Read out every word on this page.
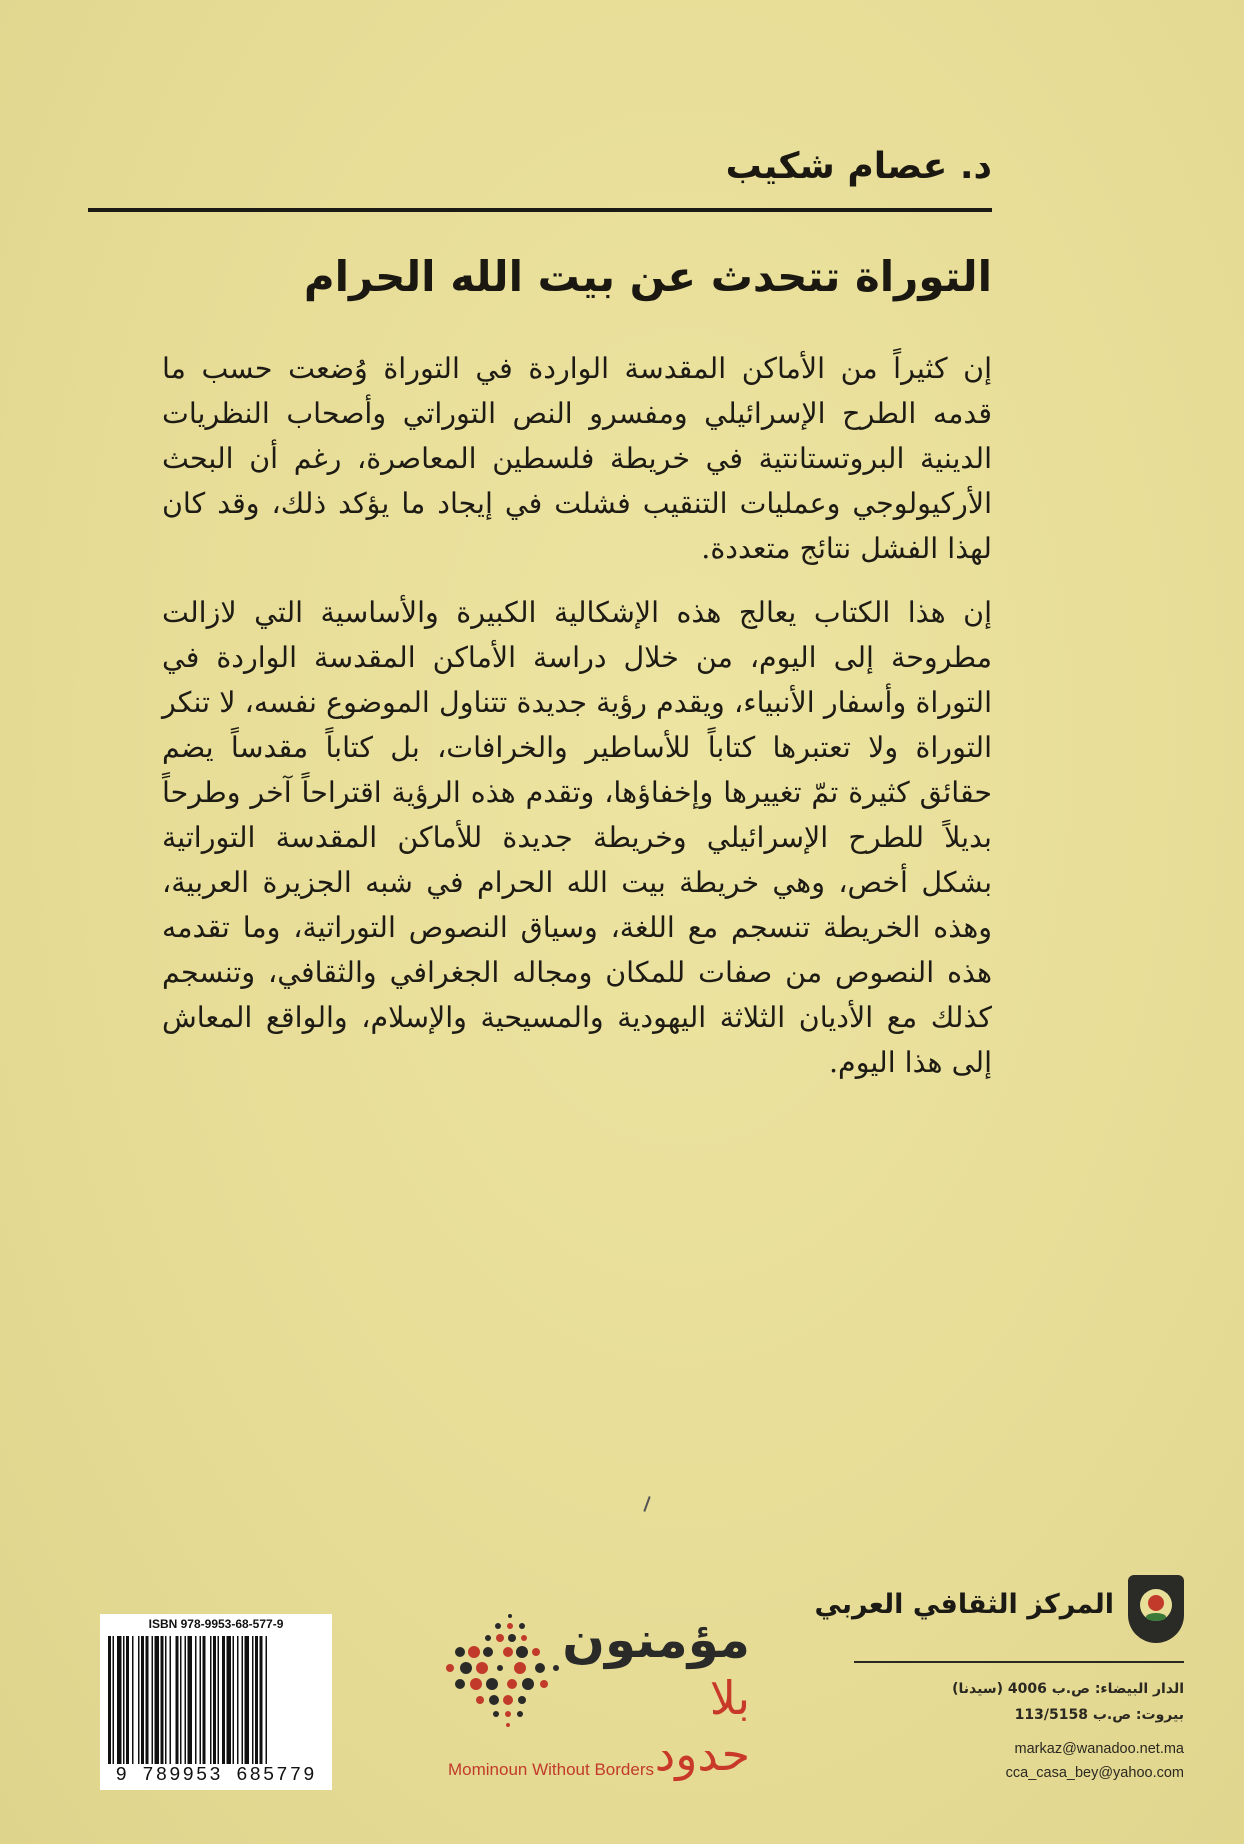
د. عصام شكيب
التوراة تتحدث عن بيت الله الحرام

إن كثيراً من الأماكن المقدسة الواردة في التوراة وُضعت حسب ما قدمه الطرح الإسرائيلي ومفسرو النص التوراتي وأصحاب النظريات الدينية البروتستانتية في خريطة فلسطين المعاصرة، رغم أن البحث الأركيولوجي وعمليات التنقيب فشلت في إيجاد ما يؤكد ذلك، وقد كان لهذا الفشل نتائج متعددة.

إن هذا الكتاب يعالج هذه الإشكالية الكبيرة والأساسية التي لازالت مطروحة إلى اليوم، من خلال دراسة الأماكن المقدسة الواردة في التوراة وأسفار الأنبياء، ويقدم رؤية جديدة تتناول الموضوع نفسه، لا تنكر التوراة ولا تعتبرها كتاباً للأساطير والخرافات، بل كتاباً مقدساً يضم حقائق كثيرة تمّ تغييرها وإخفاؤها، وتقدم هذه الرؤية اقتراحاً آخر وطرحاً بديلاً للطرح الإسرائيلي وخريطة جديدة للأماكن المقدسة التوراتية بشكل أخص، وهي خريطة بيت الله الحرام في شبه الجزيرة العربية، وهذه الخريطة تنسجم مع اللغة، وسياق النصوص التوراتية، وما تقدمه هذه النصوص من صفات للمكان ومجاله الجغرافي والثقافي، وتنسجم كذلك مع الأديان الثلاثة اليهودية والمسيحية والإسلام، والواقع المعاش إلى هذا اليوم.

ISBN 978-9953-68-577-9
9 789953 685779
مؤمنون
بلا حدود
Mominoun Without Borders
المركز الثقافي العربي
الدار البيضاء: ص.ب 4006 (سيدنا)
بيروت: ص.ب 113/5158
markaz@wanadoo.net.ma
cca_casa_bey@yahoo.com
